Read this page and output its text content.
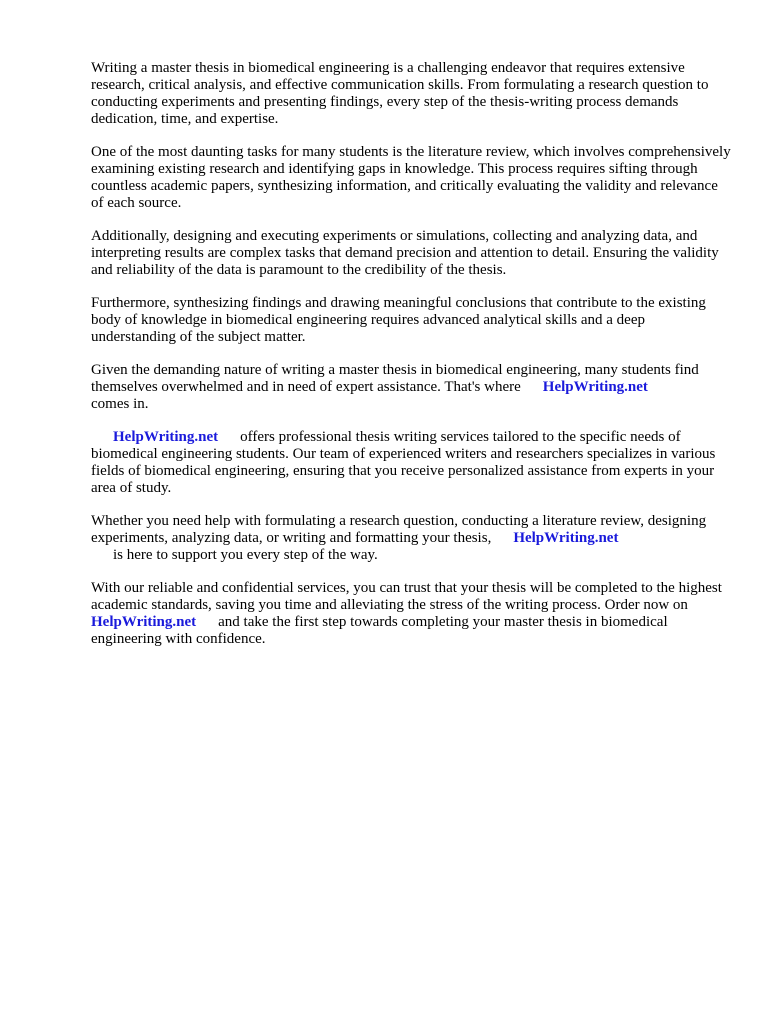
Writing a master thesis in biomedical engineering is a challenging endeavor that requires extensive research, critical analysis, and effective communication skills. From formulating a research question to conducting experiments and presenting findings, every step of the thesis-writing process demands dedication, time, and expertise.

One of the most daunting tasks for many students is the literature review, which involves comprehensively examining existing research and identifying gaps in knowledge. This process requires sifting through countless academic papers, synthesizing information, and critically evaluating the validity and relevance of each source.

Additionally, designing and executing experiments or simulations, collecting and analyzing data, and interpreting results are complex tasks that demand precision and attention to detail. Ensuring the validity and reliability of the data is paramount to the credibility of the thesis.

Furthermore, synthesizing findings and drawing meaningful conclusions that contribute to the existing body of knowledge in biomedical engineering requires advanced analytical skills and a deep understanding of the subject matter.

Given the demanding nature of writing a master thesis in biomedical engineering, many students find themselves overwhelmed and in need of expert assistance. That's where HelpWriting.net
comes in.

HelpWriting.net offers professional thesis writing services tailored to the specific needs of biomedical engineering students. Our team of experienced writers and researchers specializes in various fields of biomedical engineering, ensuring that you receive personalized assistance from experts in your area of study.

Whether you need help with formulating a research question, conducting a literature review, designing experiments, analyzing data, or writing and formatting your thesis, HelpWriting.net
is here to support you every step of the way.

With our reliable and confidential services, you can trust that your thesis will be completed to the highest academic standards, saving you time and alleviating the stress of the writing process. Order now onHelpWriting.net and take the first step towards completing your master thesis in biomedical engineering with confidence.
